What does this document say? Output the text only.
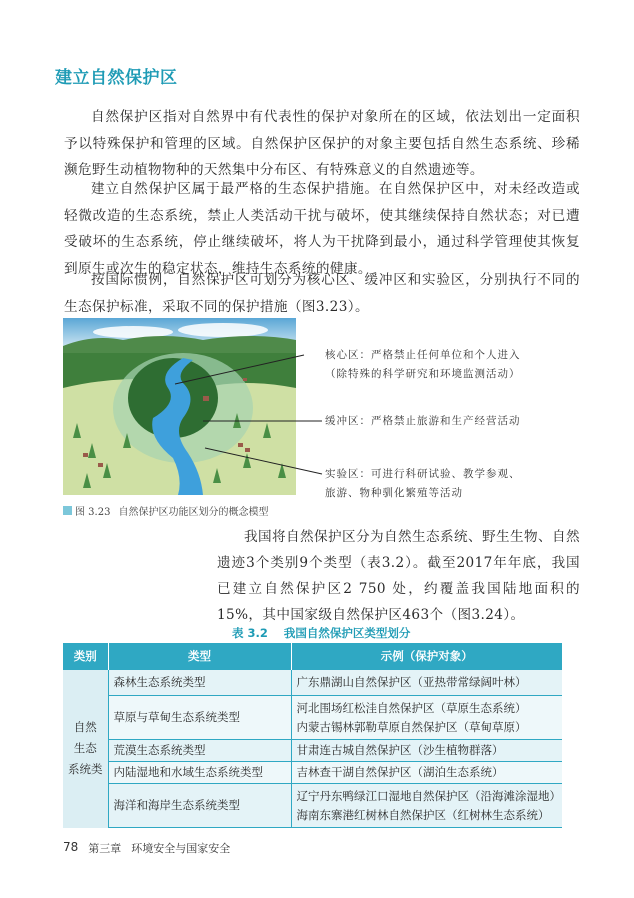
建立自然保护区
自然保护区指对自然界中有代表性的保护对象所在的区域，依法划出一定面积予以特殊保护和管理的区域。自然保护区保护的对象主要包括自然生态系统、珍稀濒危野生动植物物种的天然集中分布区、有特殊意义的自然遗迹等。
建立自然保护区属于最严格的生态保护措施。在自然保护区中，对未经改造或轻微改造的生态系统，禁止人类活动干扰与破坏，使其继续保持自然状态；对已遭受破坏的生态系统，停止继续破坏，将人为干扰降到最小，通过科学管理使其恢复到原生或次生的稳定状态，维持生态系统的健康。
按国际惯例，自然保护区可划分为核心区、缓冲区和实验区，分别执行不同的生态保护标准，采取不同的保护措施（图3.23）。
核心区：严格禁止任何单位和个人进入
（除特殊的科学研究和环境监测活动）
缓冲区：严格禁止旅游和生产经营活动
实验区：可进行科研试验、教学参观、
旅游、物种驯化繁殖等活动
图 3.23 自然保护区功能区划分的概念模型
我国将自然保护区分为自然生态系统、野生生物、自然遗迹3个类别9个类型（表3.2）。截至2017年年底，我国已建立自然保护区2 750 处，约覆盖我国陆地面积的15%，其中国家级自然保护区463个（图3.24）。
表 3.2 我国自然保护区类型划分
类别	类型	示例（保护对象）

自然
生态
系统类	森林生态系统类型	广东鼎湖山自然保护区（亚热带常绿阔叶林）

	草原与草甸生态系统类型	河北围场红松洼自然保护区（草原生态系统）
内蒙古锡林郭勒草原自然保护区（草甸草原）

	荒漠生态系统类型	甘肃连古城自然保护区（沙生植物群落）

	内陆湿地和水域生态系统类型	吉林查干湖自然保护区（湖泊生态系统）

	海洋和海岸生态系统类型	辽宁丹东鸭绿江口湿地自然保护区（沿海滩涂湿地）
海南东寨港红树林自然保护区（红树林生态系统）
78 第三章 环境安全与国家安全
